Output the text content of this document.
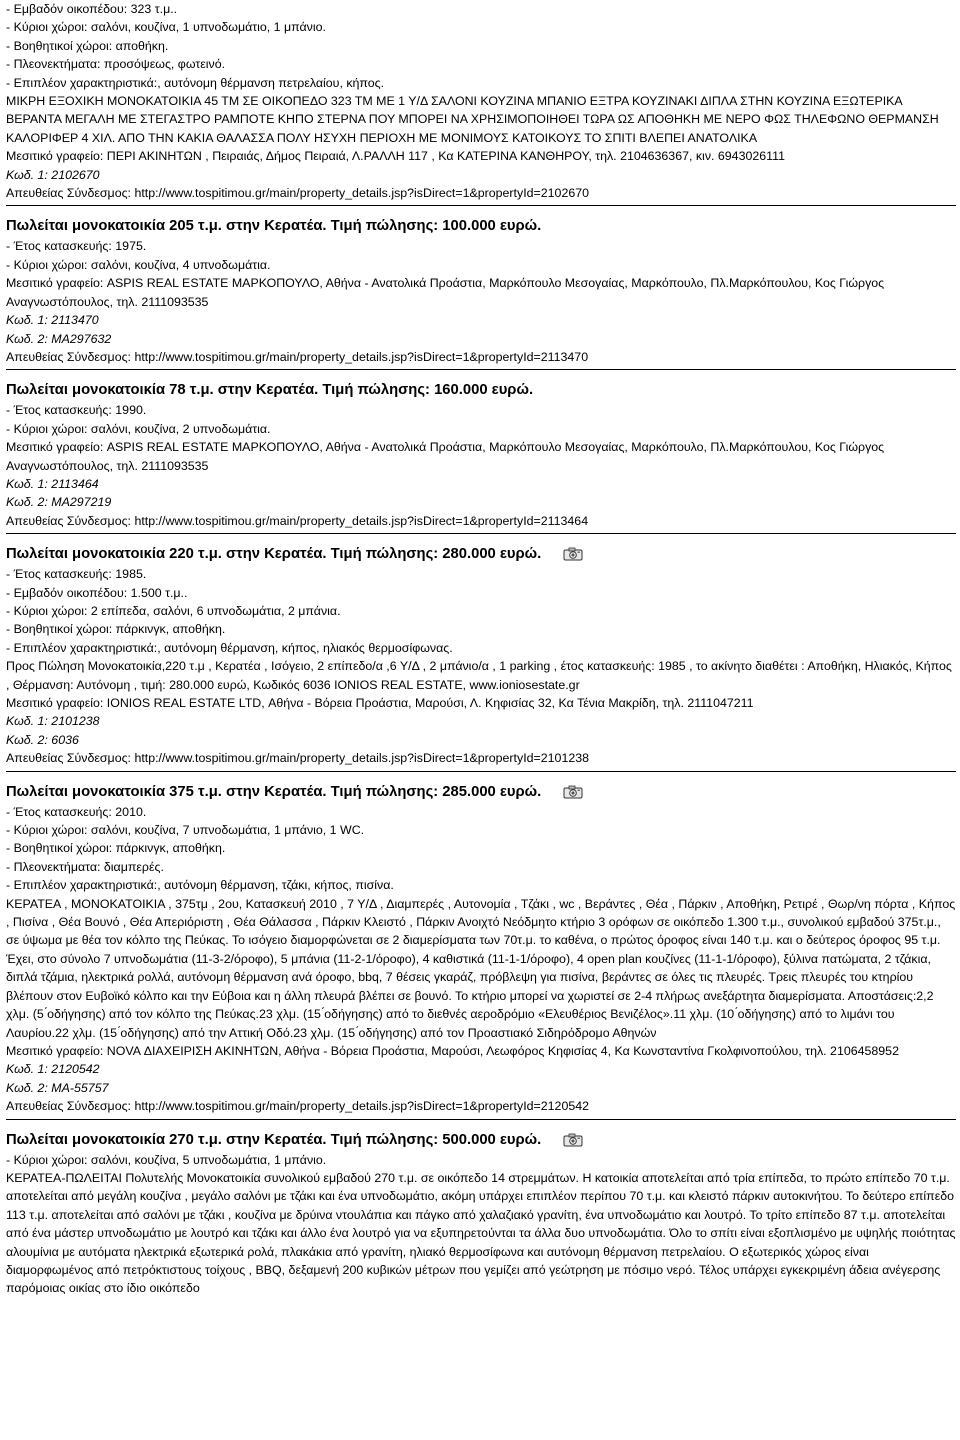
- Εμβαδόν οικοπέδου: 323 τ.μ..
- Κύριοι χώροι: σαλόνι, κουζίνα, 1 υπνοδωμάτιο, 1 μπάνιο.
- Βοηθητικοί χώροι: αποθήκη.
- Πλεονεκτήματα: προσόψεως, φωτεινό.
- Επιπλέον χαρακτηριστικά:, αυτόνομη θέρμανση πετρελαίου, κήπος.
ΜΙΚΡΗ ΕΞΟΧΙΚΗ ΜΟΝΟΚΑΤΟΙΚΙΑ 45 ΤΜ ΣΕ ΟΙΚΟΠΕΔΟ 323 ΤΜ ΜΕ 1 Υ/Δ ΣΑΛΟΝΙ ΚΟΥΖΙΝΑ ΜΠΑΝΙΟ ΕΞΤΡΑ ΚΟΥΖΙΝΑΚΙ ΔΙΠΛΑ ΣΤΗΝ ΚΟΥΖΙΝΑ ΕΞΩΤΕΡΙΚΑ ΒΕΡΑΝΤΑ ΜΕΓΑΛΗ ΜΕ ΣΤΕΓΑΣΤΡΟ ΡΑΜΠΟΤΕ ΚΗΠΟ ΣΤΕΡΝΑ ΠΟΥ ΜΠΟΡΕΙ ΝΑ ΧΡΗΣΙΜΟΠΟΙΗΘΕΙ ΤΩΡΑ ΩΣ ΑΠΟΘΗΚΗ ΜΕ ΝΕΡΟ ΦΩΣ ΤΗΛΕΦΩΝΟ ΘΕΡΜΑΝΣΗ ΚΑΛΟΡΙΦΕΡ 4 ΧΙΛ. ΑΠΟ ΤΗΝ ΚΑΚΙΑ ΘΑΛΑΣΣΑ ΠΟΛΥ ΗΣΥΧΗ ΠΕΡΙΟΧΗ ΜΕ ΜΟΝΙΜΟΥΣ ΚΑΤΟΙΚΟΥΣ ΤΟ ΣΠΙΤΙ ΒΛΕΠΕΙ ΑΝΑΤΟΛΙΚΑ
Μεσιτικό γραφείο: ΠΕΡΙ ΑΚΙΝΗΤΩΝ , Πειραιάς, Δήμος Πειραιά, Λ.ΡΑΛΛΗ 117 , Κα ΚΑΤΕΡΙΝΑ ΚΑΝΘΗΡΟΥ, τηλ. 2104636367, κιν. 6943026111
Κωδ. 1: 2102670
Απευθείας Σύνδεσμος: http://www.tospitimou.gr/main/property_details.jsp?isDirect=1&propertyId=2102670
Πωλείται μονοκατοικία 205 τ.μ. στην Κερατέα. Τιμή πώλησης: 100.000 ευρώ.
- Έτος κατασκευής: 1975.
- Κύριοι χώροι: σαλόνι, κουζίνα, 4 υπνοδωμάτια.
Μεσιτικό γραφείο: ASPIS REAL ESTATE ΜΑΡΚΟΠΟΥΛΟ, Αθήνα - Ανατολικά Προάστια, Μαρκόπουλο Μεσογαίας, Μαρκόπουλο, Πλ.Μαρκόπουλου, Κος Γιώργος Αναγνωστόπουλος, τηλ. 2111093535
Κωδ. 1: 2113470
Κωδ. 2: MA297632
Απευθείας Σύνδεσμος: http://www.tospitimou.gr/main/property_details.jsp?isDirect=1&propertyId=2113470
Πωλείται μονοκατοικία 78 τ.μ. στην Κερατέα. Τιμή πώλησης: 160.000 ευρώ.
- Έτος κατασκευής: 1990.
- Κύριοι χώροι: σαλόνι, κουζίνα, 2 υπνοδωμάτια.
Μεσιτικό γραφείο: ASPIS REAL ESTATE ΜΑΡΚΟΠΟΥΛΟ, Αθήνα - Ανατολικά Προάστια, Μαρκόπουλο Μεσογαίας, Μαρκόπουλο, Πλ.Μαρκόπουλου, Κος Γιώργος Αναγνωστόπουλος, τηλ. 2111093535
Κωδ. 1: 2113464
Κωδ. 2: MA297219
Απευθείας Σύνδεσμος: http://www.tospitimou.gr/main/property_details.jsp?isDirect=1&propertyId=2113464
Πωλείται μονοκατοικία 220 τ.μ. στην Κερατέα. Τιμή πώλησης: 280.000 ευρώ.
- Έτος κατασκευής: 1985.
- Εμβαδόν οικοπέδου: 1.500 τ.μ..
- Κύριοι χώροι: 2 επίπεδα, σαλόνι, 6 υπνοδωμάτια, 2 μπάνια.
- Βοηθητικοί χώροι: πάρκινγκ, αποθήκη.
- Επιπλέον χαρακτηριστικά:, αυτόνομη θέρμανση, κήπος, ηλιακός θερμοσίφωνας.
Προς Πώληση Μονοκατοικία,220 τ.μ , Κερατέα , Ισόγειο, 2 επίπεδο/α ,6 Υ/Δ , 2 μπάνιο/α , 1 parking , έτος κατασκευής: 1985 , το ακίνητο διαθέτει : Αποθήκη, Ηλιακός, Κήπος , Θέρμανση: Αυτόνομη , τιμή: 280.000 ευρώ, Κωδικός 6036 IONIOS REAL ESTATE, www.ioniosestate.gr
Μεσιτικό γραφείο: IONIOS REAL ESTATE LTD, Αθήνα - Βόρεια Προάστια, Μαρούσι, Λ. Κηφισίας 32, Κα Τένια Μακρίδη, τηλ. 2111047211
Κωδ. 1: 2101238
Κωδ. 2: 6036
Απευθείας Σύνδεσμος: http://www.tospitimou.gr/main/property_details.jsp?isDirect=1&propertyId=2101238
Πωλείται μονοκατοικία 375 τ.μ. στην Κερατέα. Τιμή πώλησης: 285.000 ευρώ.
- Έτος κατασκευής: 2010.
- Κύριοι χώροι: σαλόνι, κουζίνα, 7 υπνοδωμάτια, 1 μπάνιο, 1 WC.
- Βοηθητικοί χώροι: πάρκινγκ, αποθήκη.
- Πλεονεκτήματα: διαμπερές.
- Επιπλέον χαρακτηριστικά:, αυτόνομη θέρμανση, τζάκι, κήπος, πισίνα.
ΚΕΡΑΤΕΑ , ΜΟΝΟΚΑΤΟΙΚΙΑ , 375τμ , 2ου, Κατασκευή 2010 , 7 Υ/Δ , Διαμπερές , Αυτονομία , Τζάκι , wc , Βεράντες , Θέα , Πάρκιν , Αποθήκη, Ρετιρέ , Θωρ/νη πόρτα , Κήπος , Πισίνα , Θέα Βουνό , Θέα Απεριόριστη , Θέα Θάλασσα , Πάρκιν Κλειστό , Πάρκιν Ανοιχτό Νεόδμητο κτήριο 3 ορόφων σε οικόπεδο 1.300 τ.μ., συνολικού εμβαδού 375τ.μ., σε ύψωμα με θέα τον κόλπο της Πεύκας. Το ισόγειο διαμορφώνεται σε 2 διαμερίσματα των 70τ.μ. το καθένα, ο πρώτος όροφος είναι 140 τ.μ. και ο δεύτερος όροφος 95 τ.μ. Έχει, στο σύνολο 7 υπνοδωμάτια (11-3-2/όροφο), 5 μπάνια (11-2-1/όροφο), 4 καθιστικά (11-1-1/όροφο), 4 open plan κουζίνες (11-1-1/όροφο), ξύλινα πατώματα, 2 τζάκια, διπλά τζάμια, ηλεκτρικά ρολλά, αυτόνομη θέρμανση ανά όροφο, bbq, 7 θέσεις γκαράζ, πρόβλεψη για πισίνα, βεράντες σε όλες τις πλευρές. Τρεις πλευρές του κτηρίου βλέπουν στον Ευβοϊκό κόλπο και την Εύβοια και η άλλη πλευρά βλέπει σε βουνό. Το κτήριο μπορεί να χωριστεί σε 2-4 πλήρως ανεξάρτητα διαμερίσματα. Αποστάσεις:2,2 χλμ. (5 ́οδήγησης) από τον κόλπο της Πεύκας.23 χλμ. (15 ́οδήγησης) από το διεθνές αεροδρόμιο «Ελευθέριος Βενιζέλος».11 χλμ. (10 ́οδήγησης) από το λιμάνι του Λαυρίου.22 χλμ. (15 ́οδήγησης) από την Αττική Οδό.23 χλμ. (15 ́οδήγησης) από τον Προαστιακό Σιδηρόδρομο Αθηνών
Μεσιτικό γραφείο: NOVA ΔΙΑΧΕΙΡΙΣΗ ΑΚΙΝΗΤΩΝ, Αθήνα - Βόρεια Προάστια, Μαρούσι, Λεωφόρος Κηφισίας 4, Κα Κωνσταντίνα Γκολφινοπούλου, τηλ. 2106458952
Κωδ. 1: 2120542
Κωδ. 2: ΜΑ-55757
Απευθείας Σύνδεσμος: http://www.tospitimou.gr/main/property_details.jsp?isDirect=1&propertyId=2120542
Πωλείται μονοκατοικία 270 τ.μ. στην Κερατέα. Τιμή πώλησης: 500.000 ευρώ.
- Κύριοι χώροι: σαλόνι, κουζίνα, 5 υπνοδωμάτια, 1 μπάνιο.
ΚΕΡΑΤΕΑ-ΠΩΛΕΙΤΑΙ Πολυτελής Μονοκατοικία συνολικού εμβαδού 270 τ.μ. σε οικόπεδο 14 στρεμμάτων. Η κατοικία αποτελείται από τρία επίπεδα, το πρώτο επίπεδο 70 τ.μ. αποτελείται από μεγάλη κουζίνα , μεγάλο σαλόνι με τζάκι και ένα υπνοδωμάτιο, ακόμη υπάρχει επιπλέον περίπου 70 τ.μ. και κλειστό πάρκιν αυτοκινήτου. Το δεύτερο επίπεδο 113 τ.μ. αποτελείται από σαλόνι με τζάκι , κουζίνα με δρύινα ντουλάπια και πάγκο από χαλαζιακό γρανίτη, ένα υπνοδωμάτιο και λουτρό. Το τρίτο επίπεδο 87 τ.μ. αποτελείται από ένα μάστερ υπνοδωμάτιο με λουτρό και τζάκι και άλλο ένα λουτρό για να εξυπηρετούνται τα άλλα δυο υπνοδωμάτια. Όλο το σπίτι είναι εξοπλισμένο με υψηλής ποιότητας αλουμίνια με αυτόματα ηλεκτρικά εξωτερικά ρολά, πλακάκια από γρανίτη, ηλιακό θερμοσίφωνα και αυτόνομη θέρμανση πετρελαίου. Ο εξωτερικός χώρος είναι διαμορφωμένος από πετρόκτιστους τοίχους , BBQ, δεξαμενή 200 κυβικών μέτρων που γεμίζει από γεώτρηση με πόσιμο νερό. Τέλος υπάρχει εγκεκριμένη άδεια ανέγερσης παρόμοιας οικίας στο ίδιο οικόπεδο
